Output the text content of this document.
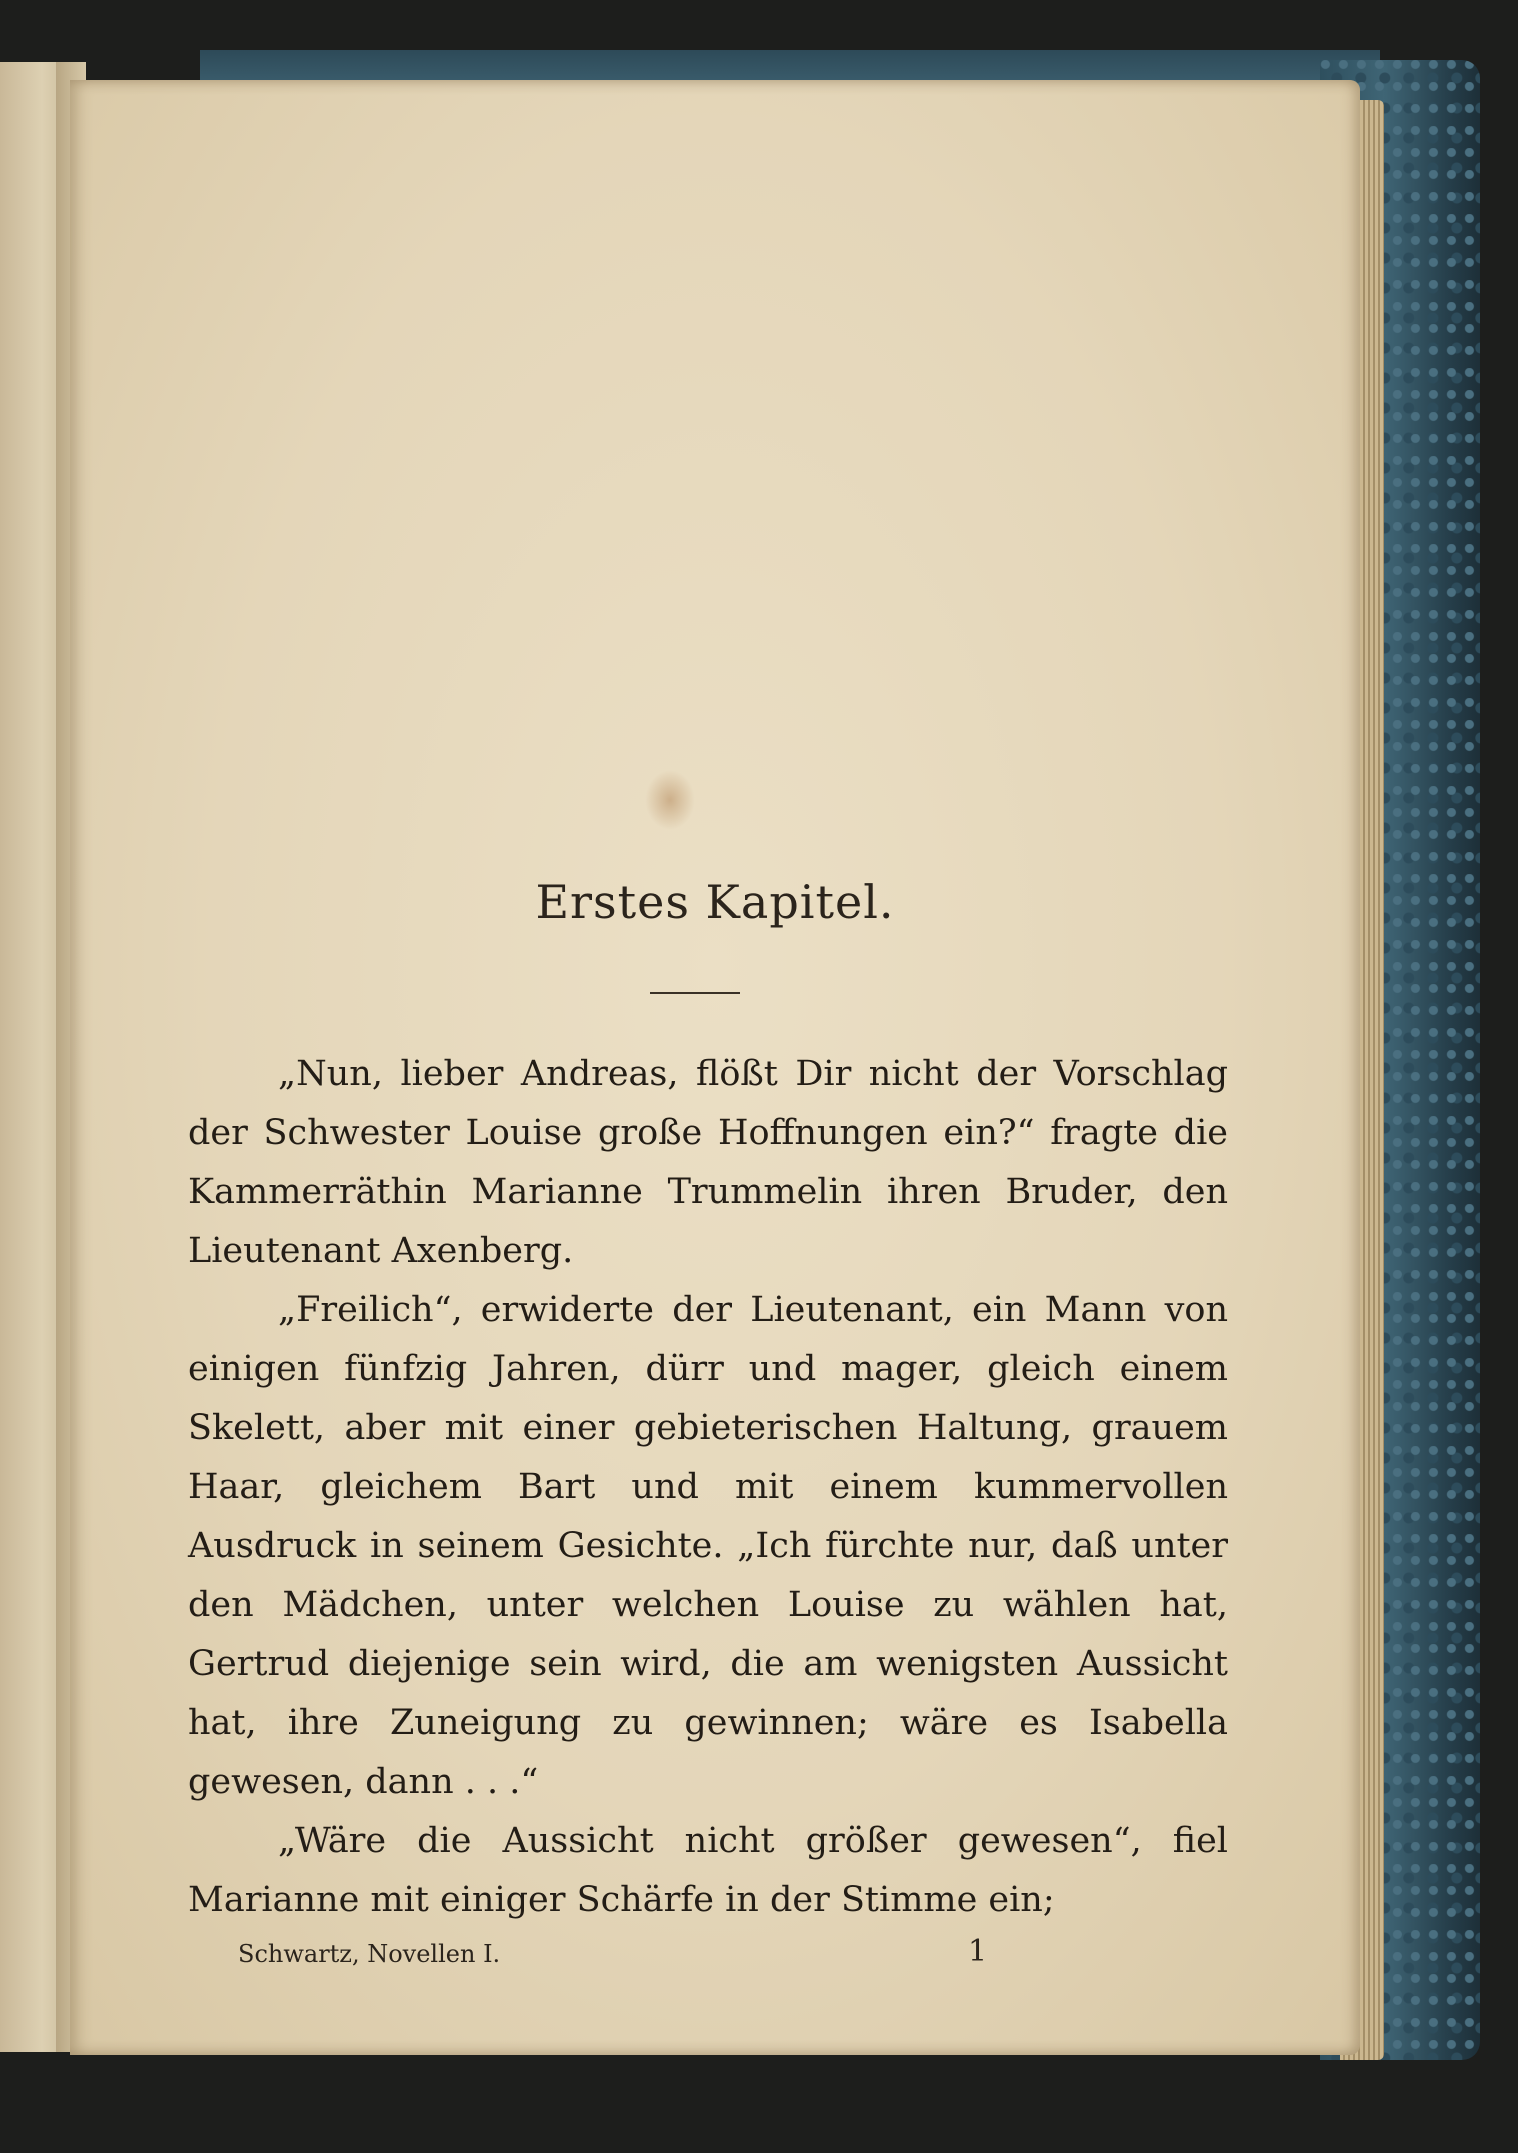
Erstes Kapitel.

„Nun, lieber Andreas, flößt Dir nicht der Vorschlag der Schwester Louise große Hoffnungen ein?“ fragte die Kammerräthin Marianne Trummelin ihren Bruder, den Lieutenant Axenberg.

„Freilich“, erwiderte der Lieutenant, ein Mann von einigen fünfzig Jahren, dürr und mager, gleich einem Skelett, aber mit einer gebieterischen Haltung, grauem Haar, gleichem Bart und mit einem kummervollen Ausdruck in seinem Gesichte. „Ich fürchte nur, daß unter den Mädchen, unter welchen Louise zu wählen hat, Gertrud diejenige sein wird, die am wenigsten Aussicht hat, ihre Zuneigung zu gewinnen; wäre es Isabella gewesen, dann . . .“

„Wäre die Aussicht nicht größer gewesen“, fiel Marianne mit einiger Schärfe in der Stimme ein;

Schwartz, Novellen I.	1
